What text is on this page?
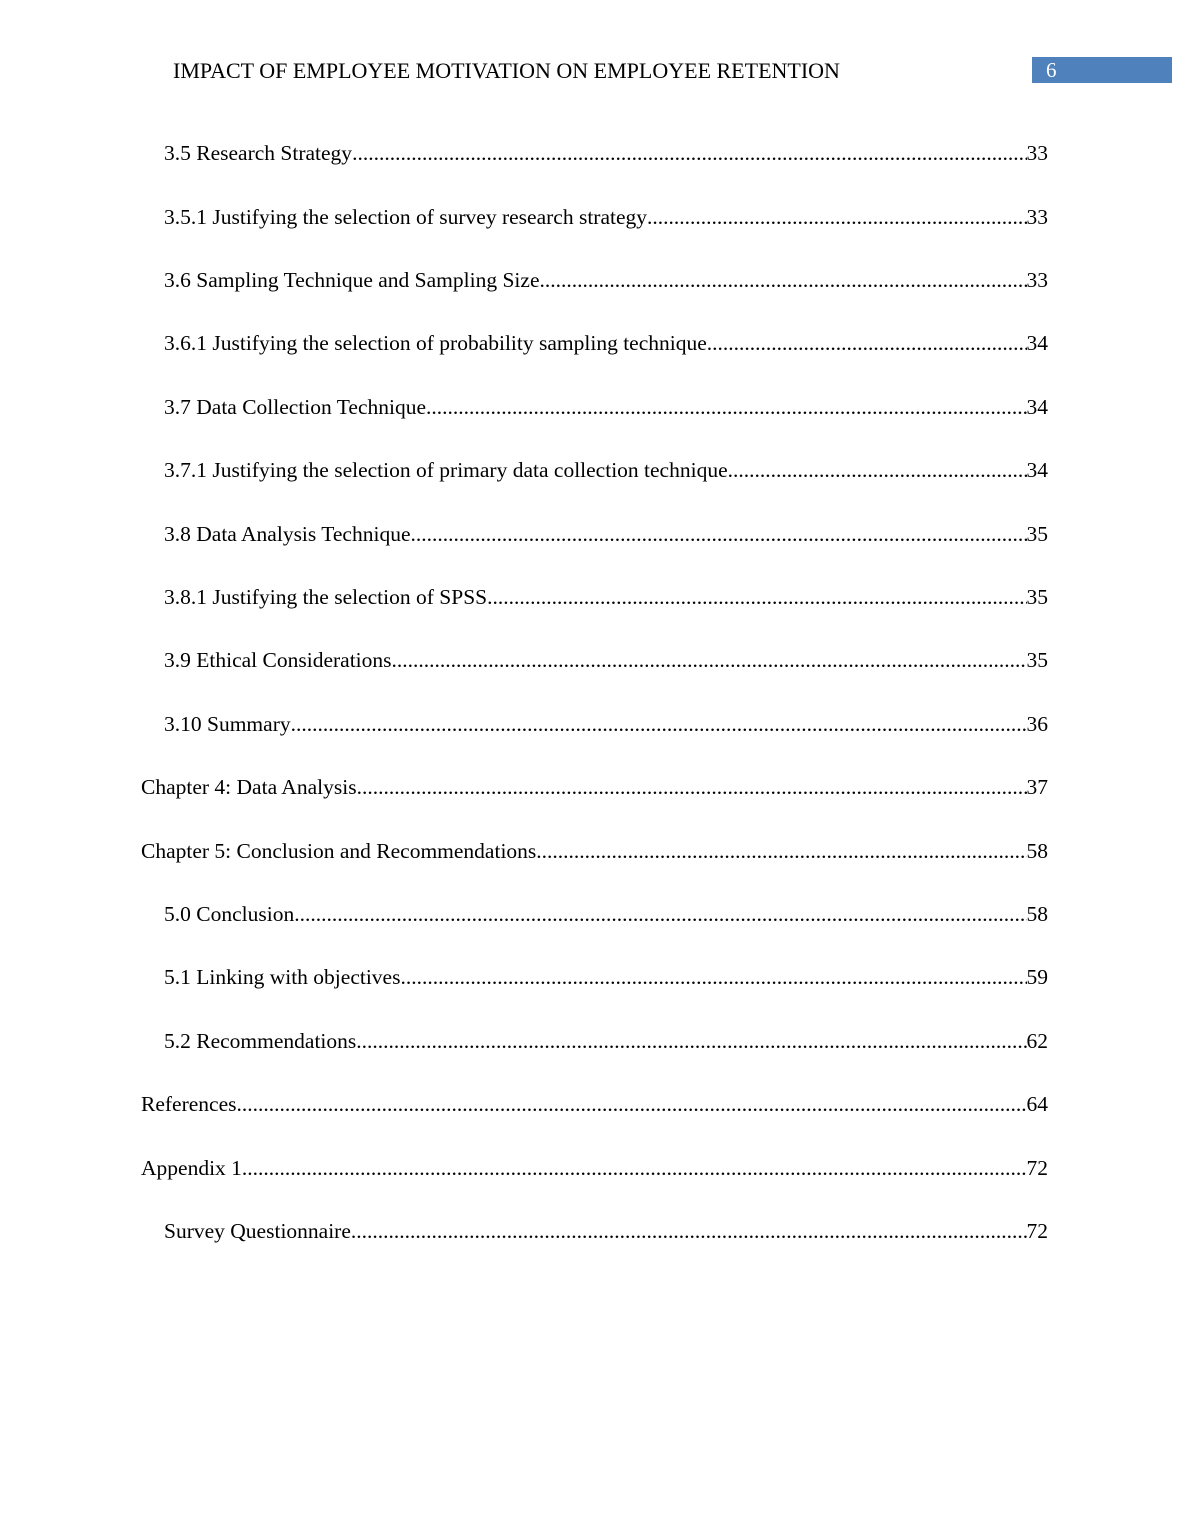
IMPACT OF EMPLOYEE MOTIVATION ON EMPLOYEE RETENTION	6
3.5 Research Strategy .....	33
3.5.1 Justifying the selection of survey research strategy .....	33
3.6 Sampling Technique and Sampling Size .....	33
3.6.1 Justifying the selection of probability sampling technique .....	34
3.7 Data Collection Technique .....	34
3.7.1 Justifying the selection of primary data collection technique .....	34
3.8 Data Analysis Technique .....	35
3.8.1 Justifying the selection of SPSS .....	35
3.9 Ethical Considerations .....	35
3.10 Summary .....	36
Chapter 4: Data Analysis .....	37
Chapter 5: Conclusion and Recommendations .....	58
5.0 Conclusion .....	58
5.1 Linking with objectives .....	59
5.2 Recommendations .....	62
References .....	64
Appendix 1 .....	72
Survey Questionnaire .....	72
